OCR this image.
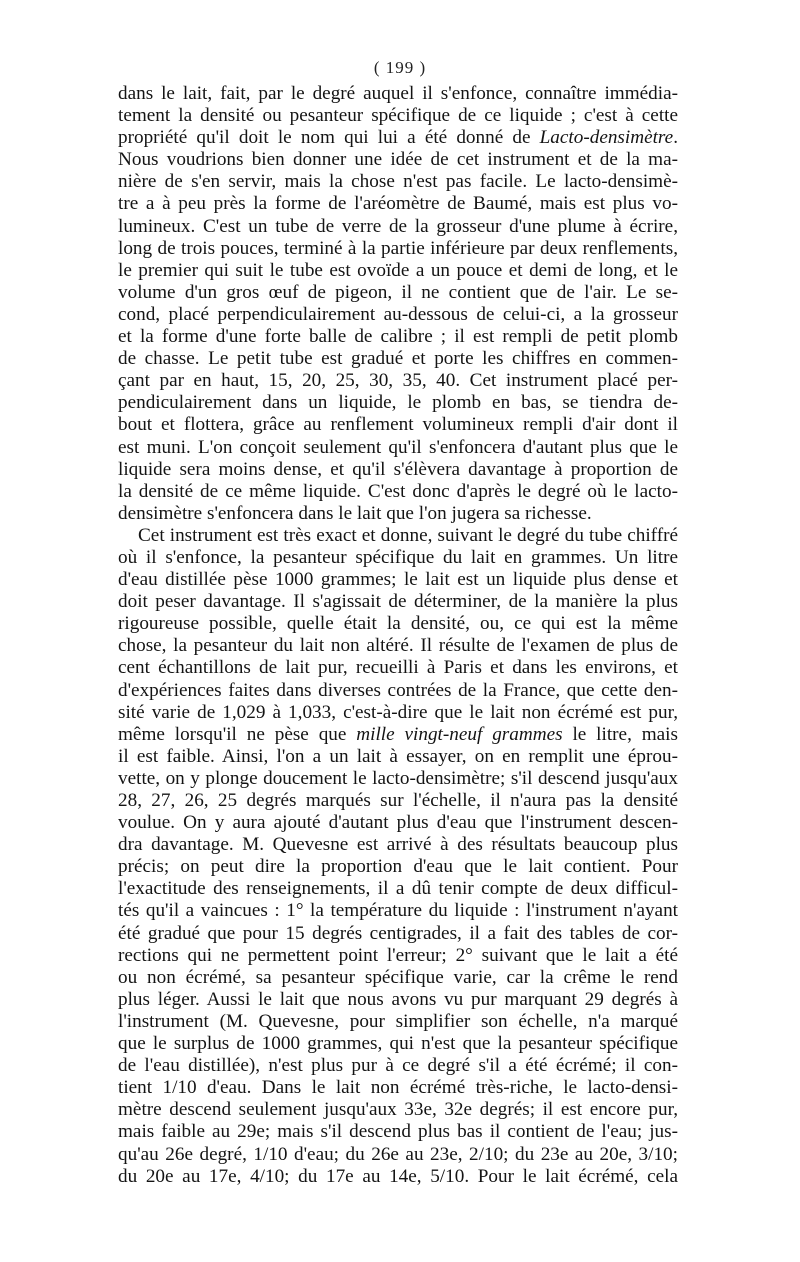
( 199 )
dans le lait, fait, par le degré auquel il s'enfonce, connaître immédia-
tement la densité ou pesanteur spécifique de ce liquide ; c'est à cette
propriété qu'il doit le nom qui lui a été donné de Lacto-densimètre.
Nous voudrions bien donner une idée de cet instrument et de la ma-
nière de s'en servir, mais la chose n'est pas facile. Le lacto-densimè-
tre a à peu près la forme de l'aréomètre de Baumé, mais est plus vo-
lumineux. C'est un tube de verre de la grosseur d'une plume à écrire,
long de trois pouces, terminé à la partie inférieure par deux renflements,
le premier qui suit le tube est ovoïde a un pouce et demi de long, et le
volume d'un gros œuf de pigeon, il ne contient que de l'air. Le se-
cond, placé perpendiculairement au-dessous de celui-ci, a la grosseur
et la forme d'une forte balle de calibre ; il est rempli de petit plomb
de chasse. Le petit tube est gradué et porte les chiffres en commen-
çant par en haut, 15, 20, 25, 30, 35, 40. Cet instrument placé per-
pendiculairement dans un liquide, le plomb en bas, se tiendra de-
bout et flottera, grâce au renflement volumineux rempli d'air dont il
est muni. L'on conçoit seulement qu'il s'enfoncera d'autant plus que le
liquide sera moins dense, et qu'il s'élèvera davantage à proportion de
la densité de ce même liquide. C'est donc d'après le degré où le lacto-
densimètre s'enfoncera dans le lait que l'on jugera sa richesse.
Cet instrument est très exact et donne, suivant le degré du tube chiffré
où il s'enfonce, la pesanteur spécifique du lait en grammes. Un litre
d'eau distillée pèse 1000 grammes; le lait est un liquide plus dense et
doit peser davantage. Il s'agissait de déterminer, de la manière la plus
rigoureuse possible, quelle était la densité, ou, ce qui est la même
chose, la pesanteur du lait non altéré. Il résulte de l'examen de plus de
cent échantillons de lait pur, recueilli à Paris et dans les environs, et
d'expériences faites dans diverses contrées de la France, que cette den-
sité varie de 1,029 à 1,033, c'est-à-dire que le lait non écrémé est pur,
même lorsqu'il ne pèse que mille vingt-neuf grammes le litre, mais
il est faible. Ainsi, l'on a un lait à essayer, on en remplit une éprou-
vette, on y plonge doucement le lacto-densimètre; s'il descend jusqu'aux
28, 27, 26, 25 degrés marqués sur l'échelle, il n'aura pas la densité
voulue. On y aura ajouté d'autant plus d'eau que l'instrument descen-
dra davantage. M. Quevesne est arrivé à des résultats beaucoup plus
précis; on peut dire la proportion d'eau que le lait contient. Pour
l'exactitude des renseignements, il a dû tenir compte de deux difficul-
tés qu'il a vaincues : 1° la température du liquide : l'instrument n'ayant
été gradué que pour 15 degrés centigrades, il a fait des tables de cor-
rections qui ne permettent point l'erreur; 2° suivant que le lait a été
ou non écrémé, sa pesanteur spécifique varie, car la crême le rend
plus léger. Aussi le lait que nous avons vu pur marquant 29 degrés à
l'instrument (M. Quevesne, pour simplifier son échelle, n'a marqué
que le surplus de 1000 grammes, qui n'est que la pesanteur spécifique
de l'eau distillée), n'est plus pur à ce degré s'il a été écrémé; il con-
tient 1/10 d'eau. Dans le lait non écrémé très-riche, le lacto-densi-
mètre descend seulement jusqu'aux 33e, 32e degrés; il est encore pur,
mais faible au 29e; mais s'il descend plus bas il contient de l'eau; jus-
qu'au 26e degré, 1/10 d'eau; du 26e au 23e, 2/10; du 23e au 20e, 3/10;
du 20e au 17e, 4/10; du 17e au 14e, 5/10. Pour le lait écrémé, cela
